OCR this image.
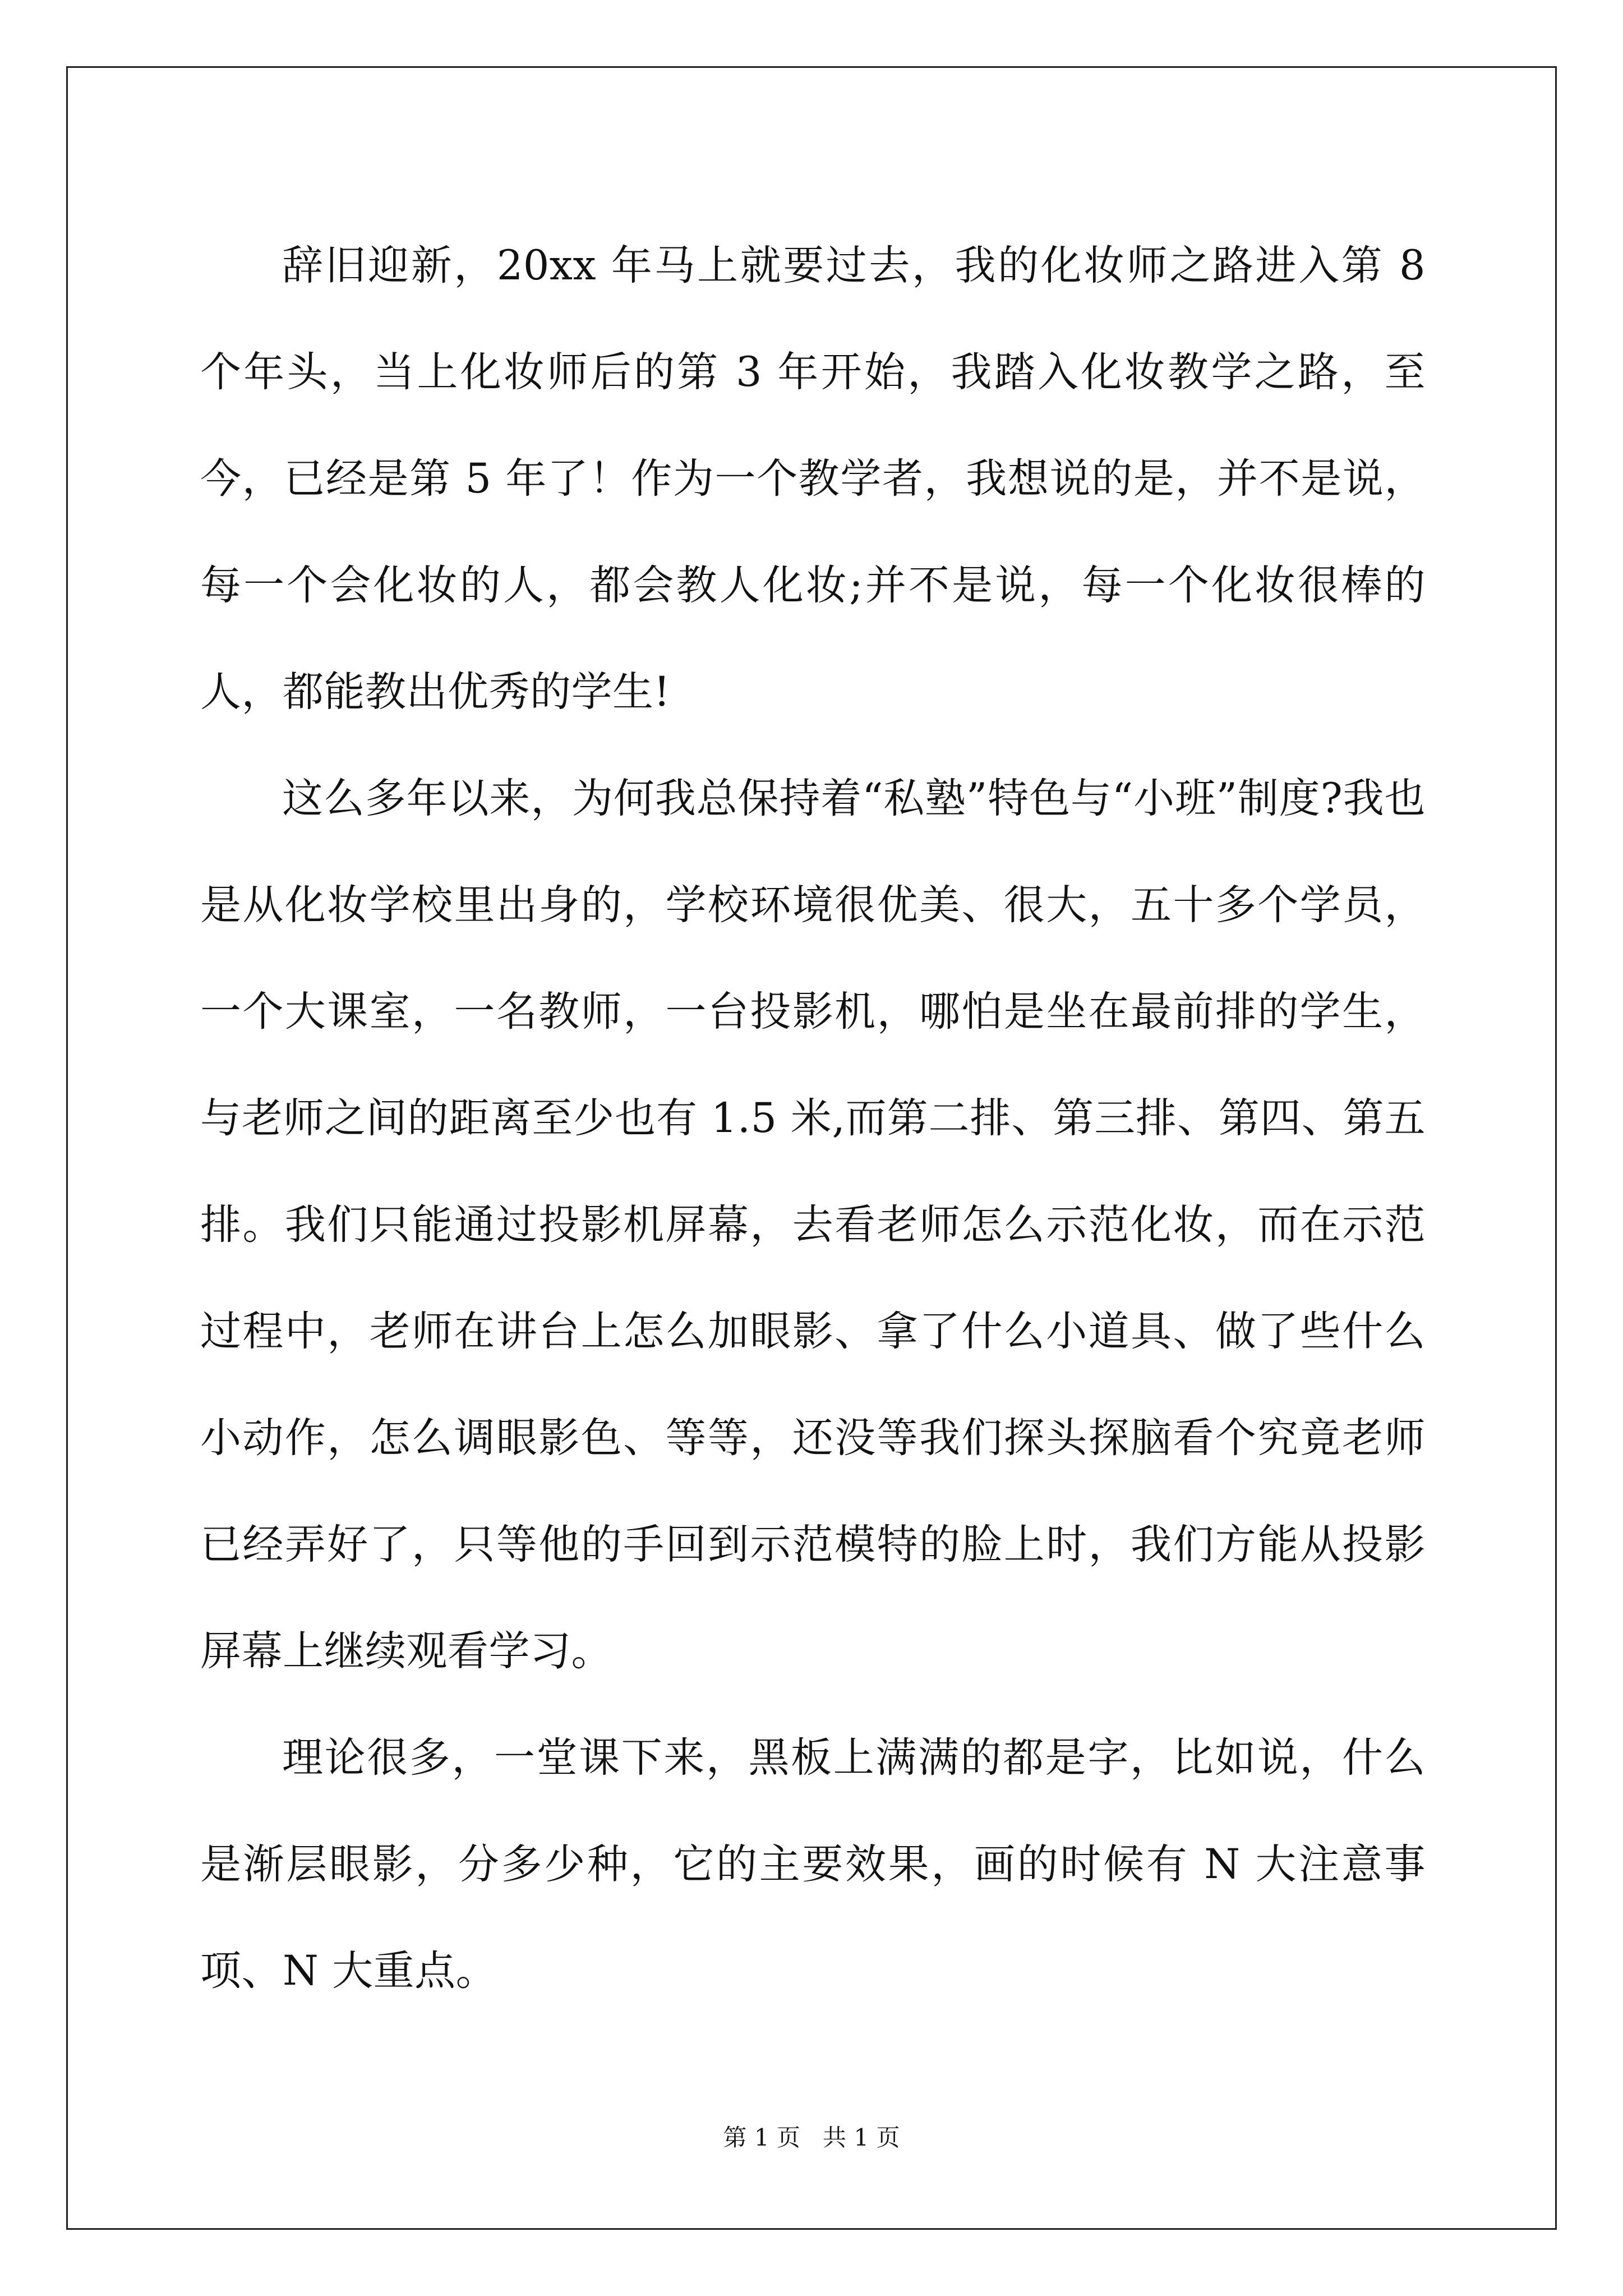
辞旧迎新，20xx 年马上就要过去，我的化妆师之路进入第 8 个年头，当上化妆师后的第 3 年开始，我踏入化妆教学之路，至今，已经是第 5 年了！作为一个教学者，我想说的是，并不是说，每一个会化妆的人，都会教人化妆;并不是说，每一个化妆很棒的人，都能教出优秀的学生!

这么多年以来，为何我总保持着“私塾”特色与“小班”制度?我也是从化妆学校里出身的，学校环境很优美、很大，五十多个学员，一个大课室，一名教师，一台投影机，哪怕是坐在最前排的学生，与老师之间的距离至少也有 1.5 米,而第二排、第三排、第四、第五排。我们只能通过投影机屏幕，去看老师怎么示范化妆，而在示范过程中，老师在讲台上怎么加眼影、拿了什么小道具、做了些什么小动作，怎么调眼影色、等等，还没等我们探头探脑看个究竟老师已经弄好了，只等他的手回到示范模特的脸上时，我们方能从投影屏幕上继续观看学习。

理论很多，一堂课下来，黑板上满满的都是字，比如说，什么是渐层眼影，分多少种，它的主要效果，画的时候有 N 大注意事项、N 大重点。

第 1 页 共 1 页
